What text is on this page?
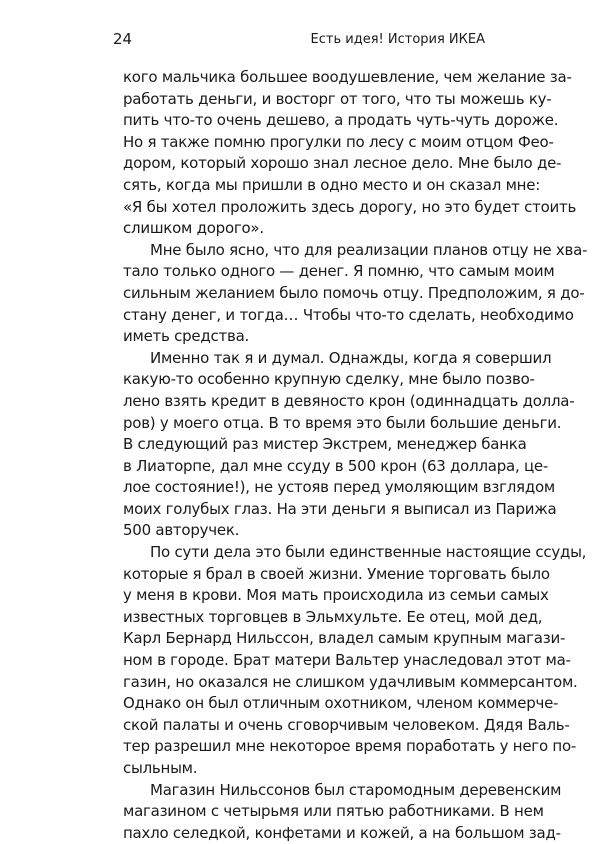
24	Есть идея! История ИКЕА

кого мальчика большее воодушевление, чем желание за-
работать деньги, и восторг от того, что ты можешь ку-
пить что-то очень дешево, а продать чуть-чуть дороже.
Но я также помню прогулки по лесу с моим отцом Фео-
дором, который хорошо знал лесное дело. Мне было де-
сять, когда мы пришли в одно место и он сказал мне:
«Я бы хотел проложить здесь дорогу, но это будет стоить
слишком дорого».

Мне было ясно, что для реализации планов отцу не хва-
тало только одного — денег. Я помню, что самым моим
сильным желанием было помочь отцу. Предположим, я до-
стану денег, и тогда… Чтобы что-то сделать, необходимо
иметь средства.

Именно так я и думал. Однажды, когда я совершил
какую-то особенно крупную сделку, мне было позво-
лено взять кредит в девяносто крон (одиннадцать долла-
ров) у моего отца. В то время это были большие деньги.
В следующий раз мистер Экстрем, менеджер банка
в Лиаторпе, дал мне ссуду в 500 крон (63 доллара, це-
лое состояние!), не устояв перед умоляющим взглядом
моих голубых глаз. На эти деньги я выписал из Парижа
500 авторучек.

По сути дела это были единственные настоящие ссуды,
которые я брал в своей жизни. Умение торговать было
у меня в крови. Моя мать происходила из семьи самых
известных торговцев в Эльмхульте. Ее отец, мой дед,
Карл Бернард Нильссон, владел самым крупным магази-
ном в городе. Брат матери Вальтер унаследовал этот ма-
газин, но оказался не слишком удачливым коммерсантом.
Однако он был отличным охотником, членом коммерче-
ской палаты и очень сговорчивым человеком. Дядя Валь-
тер разрешил мне некоторое время поработать у него по-
сыльным.

Магазин Нильссонов был старомодным деревенским
магазином с четырьмя или пятью работниками. В нем
пахло селедкой, конфетами и кожей, а на большом зад-
